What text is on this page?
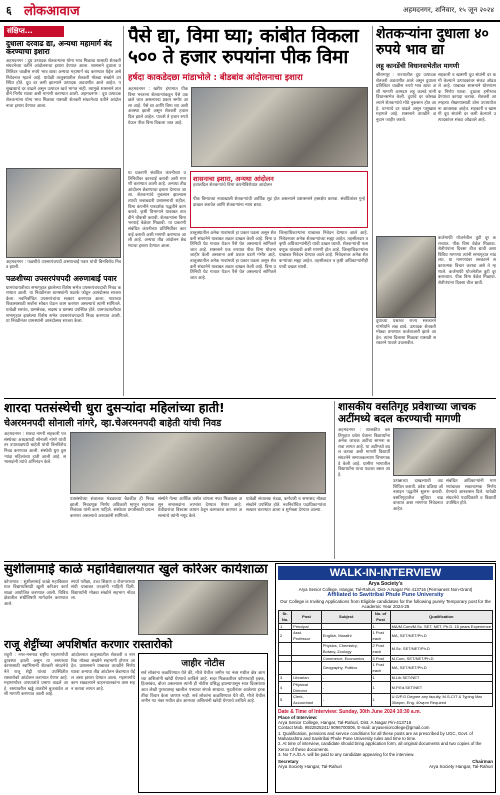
६ लोकआवाज	अहमदनगर, शनिवार, १५ जून २०२४
संक्षिप्त...
दुधाला दरवाढ द्या, अन्यथा महामार्ग बंद करण्याचा इशारा
अहमदनगर : दूध उत्पादक शेतकऱ्यांना योग्य भाव मिळावा यासाठी शेतकरी संघटनेच्या वतीने आंदोलनाचा इशारा देण्यात आला. शासनाने दुधाला प्रतिलिटर चाळीस रुपये भाव द्यावा अन्यथा महामार्ग बंद करण्यात येईल असे निवेदनात म्हटले आहे. यावेळी तालुक्यातील शेतकरी मोठ्या संख्येने उपस्थित होते. दूध दर कमी झाल्याने उत्पादक अडचणीत आले आहेत. पशुखाद्याचे दर वाढले असून उत्पादन खर्च भागत नाही. त्यामुळे शासनाने तातडीने निर्णय घ्यावा अशी मागणी करण्यात आली. अहमदनगर : दूध उत्पादक शेतकऱ्यांना योग्य भाव मिळावा यासाठी शेतकरी संघटनेच्या वतीने आंदोलनाचा इशारा देण्यात आला.
अहमदनगर : पळशीचे उपसरपंचपदी अरुणाबाई पवार यांची बिनविरोध निवड झाली.
पळशीच्या उपसरपंचपदी अरुणाबाई पवार
ग्रामपंचायतीच्या सभागृहात झालेल्या विशेष सभेत उपसरपंचपदाची निवड करण्यात आली. या निवडीनंतर ग्रामस्थांनी फटाके फोडून आनंदोत्सव साजरा केला. नवनिर्वाचित उपसरपंचांचा सत्कार करण्यात आला. गावाच्या विकासासाठी सर्वांना सोबत घेऊन काम करणार असल्याचे त्यांनी सांगितले. यावेळी सरपंच, ग्रामसेवक, सदस्य व ग्रामस्थ उपस्थित होते. ग्रामपंचायतीच्या सभागृहात झालेल्या विशेष सभेत उपसरपंचपदाची निवड करण्यात आली. या निवडीनंतर ग्रामस्थांनी आनंदोत्सव साजरा केला.
पैसे द्या, विमा घ्या; कांबीत विकला ५०० ते हजार रुपयांना पीक विमा
हर्षदा काकडेदछा मांडाभोले : बीडबांव आंदोलनाचा इशारा
अहमदनगर : खरीप हंगामात पीक विमा भरताना शेतकऱ्यांकडून पैसे उकळले जात असल्याचा प्रकार समोर आला आहे. पैसे द्या आणि विमा घ्या अशी अवस्था झाली असून शेतकरी हवालदिल झाले आहेत. पाचशे ते हजार रुपये घेऊन पीक विमा विकला जात आहे.
या प्रकरणी संबंधित कंपनीच्या प्रतिनिधींवर कारवाई करावी अशी मागणी करण्यात आली आहे. अन्यथा तीव्र आंदोलन छेडण्याचा इशारा देण्यात आला. शेतकऱ्यांचे नुकसान झाल्यास त्याची जबाबदारी प्रशासनाची राहील. विमा कंपनीने पारदर्शक पद्धतीने काम करावे. कृषी विभागाने याबाबत तातडीने चौकशी करावी. शेतकऱ्यांना विमा भरपाई वेळेवर मिळावी. या प्रकरणी संबंधित कंपनीच्या प्रतिनिधींवर कारवाई करावी अशी मागणी करण्यात आली आहे. अन्यथा तीव्र आंदोलन छेडण्याचा इशारा देण्यात आला.
शासनाचा इशारा, अन्यथा आंदोलन
हवालदिल शेतकऱ्यांचे विमा कंपनीविरोधात आंदोलन
पीक विम्याच्या नावाखाली शेतकऱ्यांची आर्थिक लूट होत असल्याने प्रशासनाने हस्तक्षेप करावा. संबंधितांवर गुन्हे दाखल करावेत आणि शेतकऱ्यांना न्याय द्यावा.
तालुक्यातील अनेक गावांमध्ये हा प्रकार घडला असून शेतकरी संघटनेने याबाबत तक्रार दाखल केली आहे. विमा प्रतिनिधी थेट गावात येऊन पैसे घेत असल्याचे सांगितले जात आहे. शासनाने एक रुपयात पीक विमा योजना जाहीर केली असताना असे प्रकार घडणे गंभीर आहे. तालुक्यातील अनेक गावांमध्ये हा प्रकार घडला असून शेतकरी संघटनेने याबाबत तक्रार दाखल केली आहे. विमा प्रतिनिधी थेट गावात येऊन पैसे घेत असल्याचे सांगितले जात आहे.
जिल्हाधिकाऱ्यांना याबाबत निवेदन देण्यात आले आहे. निवेदनावर अनेक शेतकऱ्यांच्या सह्या आहेत. तहसीलदार व कृषी अधिकाऱ्यांनीही याची दखल घ्यावी. शेतकऱ्यांची फसवणूक थांबवावी अशी मागणी होत आहे. जिल्हाधिकाऱ्यांना याबाबत निवेदन देण्यात आले आहे. निवेदनावर अनेक शेतकऱ्यांच्या सह्या आहेत. तहसीलदार व कृषी अधिकाऱ्यांनीही याची दखल घ्यावी.
शेतकऱ्यांना दुधाला ४० रुपये भाव द्या
लहू कानडेंची विधानसभेतील मागणी
श्रीरामपूर : राज्यातील दूध उत्पादक शेतकरी अडचणीत आले असून दुधाला प्रतिलिटर चाळीस रुपये भाव द्यावा अशी मागणी आमदार लहू कानडे यांनी विधानसभेत केली. दुधाचे दर कोसळल्याने शेतकऱ्यांचे मोठे नुकसान होत आहे. चाऱ्याचे दर वाढले असून पशुखाद्य महागले आहे. शासनाने तातडीने अनुदान जाहीर करावे.
सहकारी व खासगी दूध संघांनी दर कमी केल्याने उत्पादकांवर संकट ओढवले आहे. याबाबत शासनाने धोरणात्मक निर्णय घ्यावा. दुधाला हमीभाव देण्याचा कायदा करावा. शेतकरी आत्महत्या रोखण्यासाठी ठोस उपाययोजना आवश्यक आहेत. सहकारी व खासगी दूध संघांनी दर कमी केल्याने उत्पादकांवर संकट ओढवले आहे.
कर्जमाफी योजनेतील त्रुटी दूर कराव्यात. पीक विमा वेळेत मिळावा. शेतीपंपांना दिवसा वीज द्यावी अशा विविध मागण्या त्यांनी सभागृहात मांडल्या. या मागण्यांवर सरकारने सकारात्मक विचार करावा असे ते म्हणाले. कर्जमाफी योजनेतील त्रुटी दूर कराव्यात. पीक विमा वेळेत मिळावा. शेतीपंपांना दिवसा वीज द्यावी.
दुधाच्या प्रश्नावर राज्य सरकारने गांभीर्याने लक्ष द्यावे. उत्पादक शेतकरी मोठ्या प्रमाणात कर्जबाजारी झाले आहेत. त्यांना दिलासा मिळावा यासाठी सरकारने पावले उचलावीत.
शारदा पतसंस्थेची धुरा दुसऱ्यांदा महिलांच्या हाती!
चेअरमनपदी सोनाली नांगरे, व्हा.चेअरमनपदी बाहेती यांची निवड
अहमदनगर : शारदा नागरी सहकारी पतसंस्थेच्या अध्यक्षपदी सोनाली नांगरे यांची तर उपाध्यक्षपदी बाहेती यांची बिनविरोध निवड करण्यात आली. संस्थेची धुरा दुसऱ्यांदा महिलांच्या हाती आली आहे. सभासदांनी त्यांचे अभिनंदन केले.
पतसंस्थेच्या संचालक मंडळाच्या बैठकीत ही निवड झाली. निवडणूक निर्णय अधिकारी म्हणून सहायक निबंधक यांनी काम पाहिले. संस्थेच्या प्रगतीसाठी प्रयत्न करणार असल्याचे अध्यक्षांनी सांगितले.
संस्थेने गेल्या आर्थिक वर्षात चांगला नफा मिळवला असून सभासदांना लाभांश देण्यात येणार आहे. ठेवीदारांचा विश्वास कायम ठेवून कामकाज करणार असल्याचे त्यांनी नमूद केले.
यावेळी संचालक मंडळ, कर्मचारी व सभासद मोठ्या संख्येने उपस्थित होते. नवनिर्वाचित पदाधिकाऱ्यांचा सत्कार करण्यात आला व शुभेच्छा देण्यात आल्या.
शासकीय वसतिगृह प्रवेशाच्या जाचक अटींमध्ये बदल करण्याची मागणी
अहमदनगर : शासकीय वसतिगृहात प्रवेश घेताना विद्यार्थ्यांना अनेक जाचक अटींचा सामना करावा लागत आहे. या अटींमध्ये बदल करावा अशी मागणी विद्यार्थी संघटनेने समाजकल्याण विभागाकडे केली आहे. ग्रामीण भागातील विद्यार्थ्यांना याचा फटका बसत आहे.
उत्पन्नाच्या दाखल्याची अट शिथिल करावी. प्रवेश प्रक्रिया ऑनलाइन पद्धतीने सुलभ करावी. वसतिगृहातील सुविधा वाढवाव्यात अशा मागण्या निवेदनात आहेत.
संबंधित अधिकाऱ्यांनी मागण्यांबाबत सकारात्मक निर्णय घेण्याचे आश्वासन दिले. यावेळी संघटनेचे पदाधिकारी व विद्यार्थी उपस्थित होते.
सुशीलामाई काळे महाविद्यालयात खुले करिअर कार्यशाळा
कोपरगाव : सुशीलामाई काळे महाविद्यालयात विद्यार्थ्यांसाठी खुली करिअर कार्यशाळा आयोजित करण्यात आली. विविध क्षेत्रातील संधींविषयी मार्गदर्शन करण्यात आले.
स्पर्धा परीक्षा, उच्च शिक्षण व रोजगाराच्या संधी याबाबत तज्ज्ञांनी माहिती दिली. विद्यार्थ्यांनी मोठ्या संख्येने सहभाग नोंदवला.
राजू शेट्टींच्या अपशिर्षात करणार रास्तारोको
राहुरी : नगर-मनमाड राष्ट्रीय महामार्गाची दुरवस्था झाली असून या रस्त्याच्या कामासाठी स्वाभिमानी शेतकरी संघटनेचे नेते राजू शेट्टी यांच्या उपस्थितीत रास्तारोको आंदोलन करण्यात येणार आहे. महामार्गावर अपघातांचे प्रमाण वाढले आहे. रस्त्यावरील खड्डे तातडीने बुजवावेत अशी मागणी करण्यात आली आहे.
आंदोलनात तालुक्यातील शेतकरी व नागरिक मोठ्या संख्येने सहभागी होणार आहेत. प्रशासनाने याबाबत तातडीने निर्णय घ्यावा अन्यथा तीव्र आंदोलन छेडण्यात येईल असा इशारा देण्यात आला. महामार्गाचे काम रखडल्याने वाहनचालकांना त्रास सहन करावा लागत आहे.
जाहीर नोटीस
सर्व लोकांना कळविण्यात येते की, मौजे येथील जमीन गट नंबर मधील क्षेत्र आमच्या अशिलांनी खरेदी घेण्याचे ठरविले आहे. सदर मिळकतीवर कोणाचाही हक्क, हितसंबंध, बोजा असल्यास त्यांनी ही नोटीस प्रसिद्ध झाल्यापासून सात दिवसांच्या आत लेखी पुराव्यासह खालील पत्त्यावर संपर्क साधावा. मुदतीनंतर आलेल्या हरकतींचा विचार केला जाणार नाही. सर्व लोकांना कळविण्यात येते की, मौजे येथील जमीन गट नंबर मधील क्षेत्र आमच्या अशिलांनी खरेदी घेण्याचे ठरविले आहे.
WALK-IN-INTERVIEW
Arya Society's
Arya Senior College, Hangar, Tal-Rahuri, Dist- A.Nagar Pin 413716 (Permanent Non-Grant)
Affiliated to Savitribai Phule Pune University
Our College is Inviting Applications from Eligible candidates for the following purely Temporary post for the Academic Year 2024-25
Sr. No.	Post	Subject	No. of Post	Qualification
1	Principal	-	1	MA/M.Com/M.Sc. SET, NET, Ph.D. 15 years Experience
2	Asst. Professor	English, Marathi	1 Post each	MA, SET/NET/Ph.D
		Physics, Chemistry, Botany, Zoology	2 Post each	M.Sc. SET/NET/Ph.D
		Commerce, Economics	3 Post	M.Com, SET/NET/Ph.D
		Geography, Politics	1 Post each	MA, SET/NET/Ph.D
3	Librarian	-	1	M.Lib.SET/NET
4	Physical Director	-	1	M.P.Ed.SET/NET
5	Clerk, Accountant	-	1	U.G/P.G Degree any faculty, M.S-CIT & Typing Mar 30wpm, Eng. 40wpm Required
Date & Time of Interview: Sunday, 30th June 2024 10:30 a.m.
Place of Interview:
Arya Senior College, Hangar, Tal-Rahuri, Dist. A.Nagar Pin-413716
Contact Mob. 9922825241/ 9096700006, E-mail: aryaseniorcollege@gmail.com
1. Qualification, pensions and service conditions for all these posts are as prescribed by UGC, Govt. of Maharashtra and Savitribai Phule Pune University rules and time to time.
2. At time of interview, candidate should bring application form, all original documents and two copies of the Xerox of these documents.
3. No T.A./D.A. will be paid to any candidate appearing for the interview.
Secretary
Arya Society Hangar, Tal-Rahuri
Chairman
Arya Society Hangar, Tal-Rahuri
